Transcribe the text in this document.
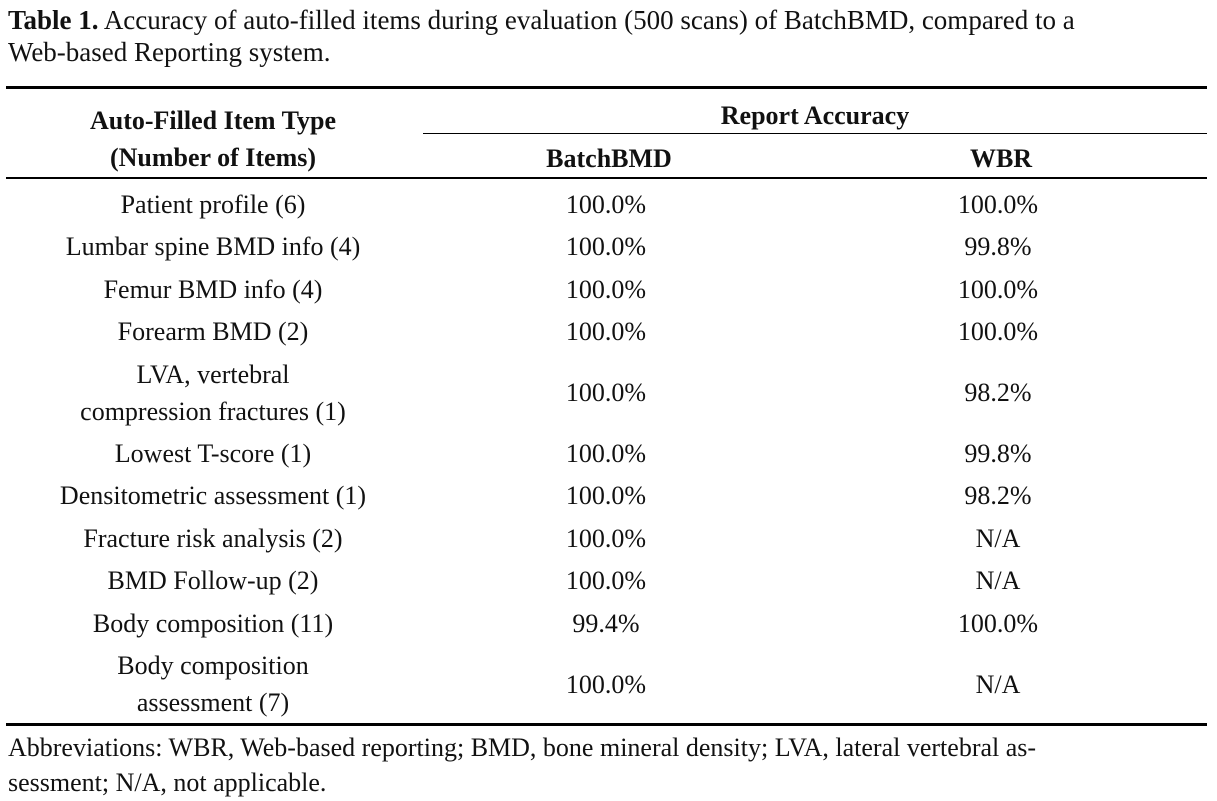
Table 1. Accuracy of auto-filled items during evaluation (500 scans) of BatchBMD, compared to a
Web-based Reporting system.
Auto-Filled Item Type
(Number of Items)
Report Accuracy
BatchBMD	WBR
Patient profile (6)	100.0%	100.0%
Lumbar spine BMD info (4)	100.0%	99.8%
Femur BMD info (4)	100.0%	100.0%
Forearm BMD (2)	100.0%	100.0%
LVA, vertebral
compression fractures (1)
100.0%	98.2%
Lowest T-score (1)	100.0%	99.8%
Densitometric assessment (1)	100.0%	98.2%
Fracture risk analysis (2)	100.0%	N/A
BMD Follow-up (2)	100.0%	N/A
Body composition (11)	99.4%	100.0%
Body composition
assessment (7)
100.0%	N/A
Abbreviations: WBR, Web-based reporting; BMD, bone mineral density; LVA, lateral vertebral as-
sessment; N/A, not applicable.
